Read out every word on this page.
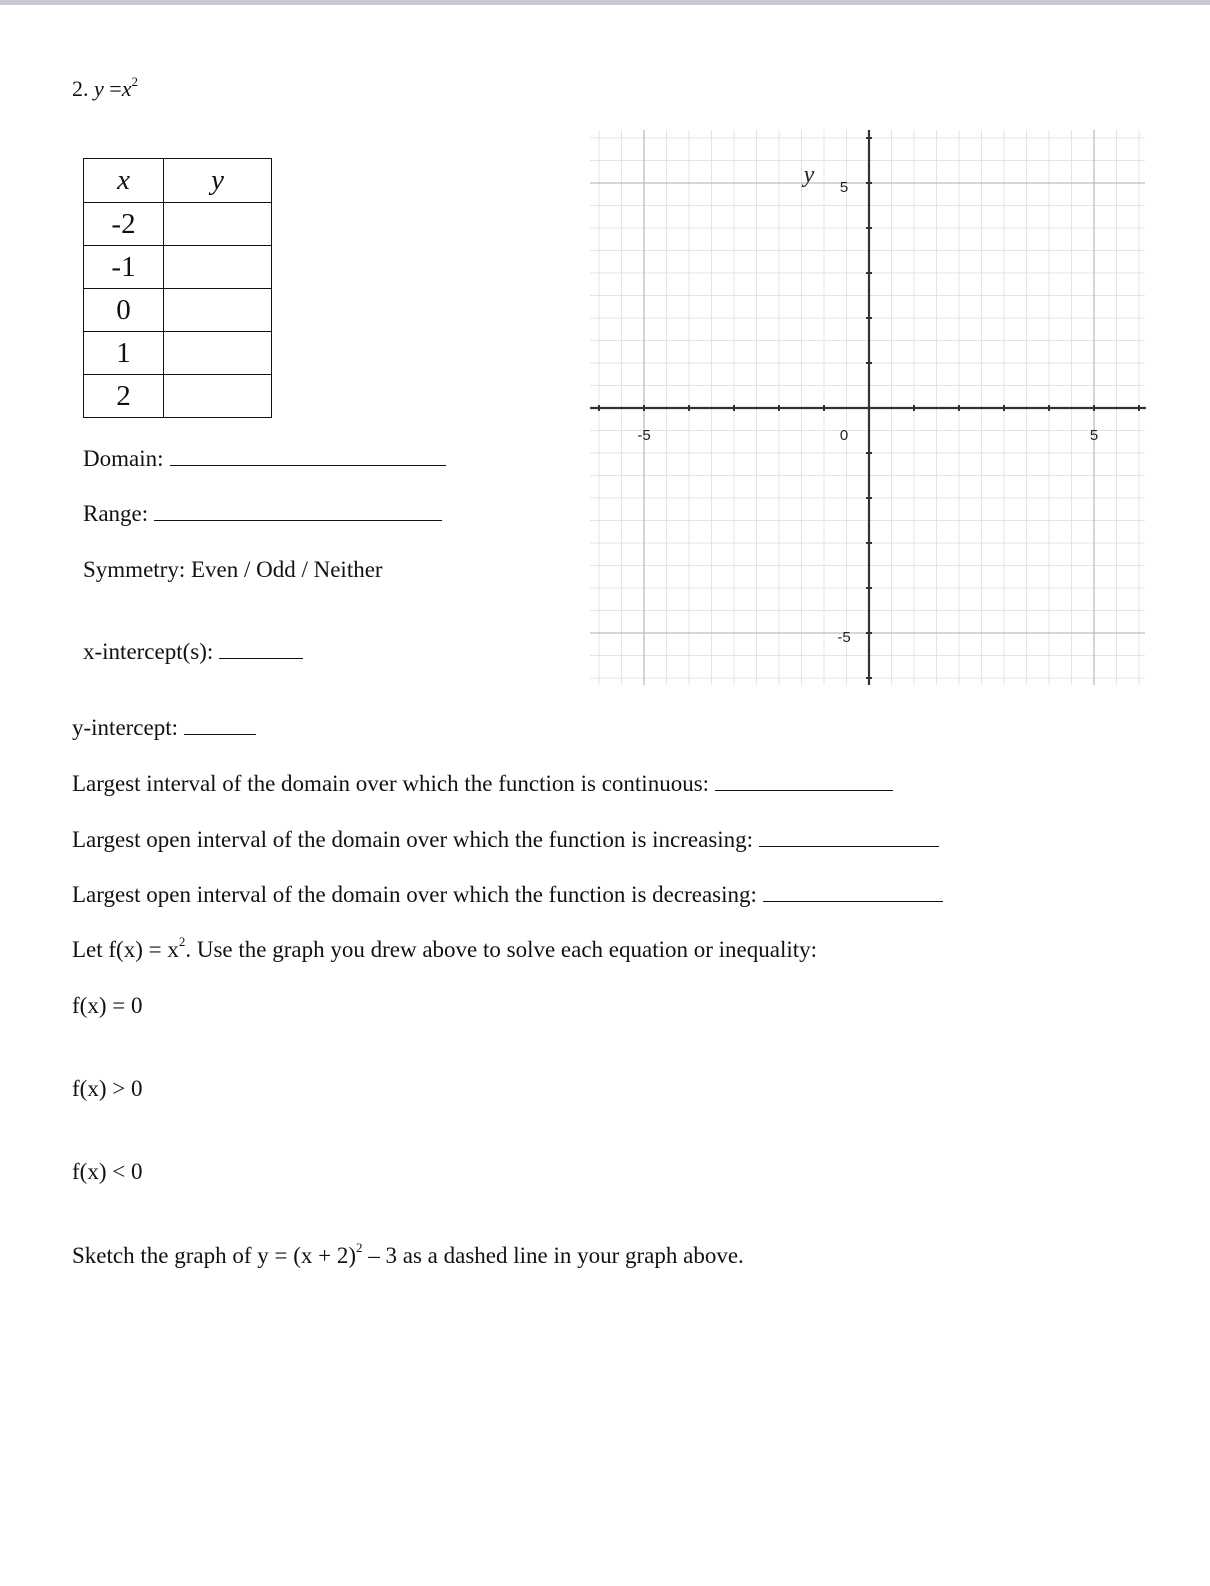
2. $y =x^2$
x	y
-2	
-1	
0	
1	
2	
Domain:
Range:
Symmetry: Even / Odd / Neither
x-intercept(s):
y-intercept:
Largest interval of the domain over which the function is continuous:
Largest open interval of the domain over which the function is increasing:
Largest open interval of the domain over which the function is decreasing:
Let $f(x) = x^2$. Use the graph you drew above to solve each equation or inequality:
f(x) = 0
f(x) > 0
f(x) < 0
Sketch the graph of $y = (x + 2)^2 - 3$ as a dashed line in your graph above.
-5	0	5
5
-5
y
